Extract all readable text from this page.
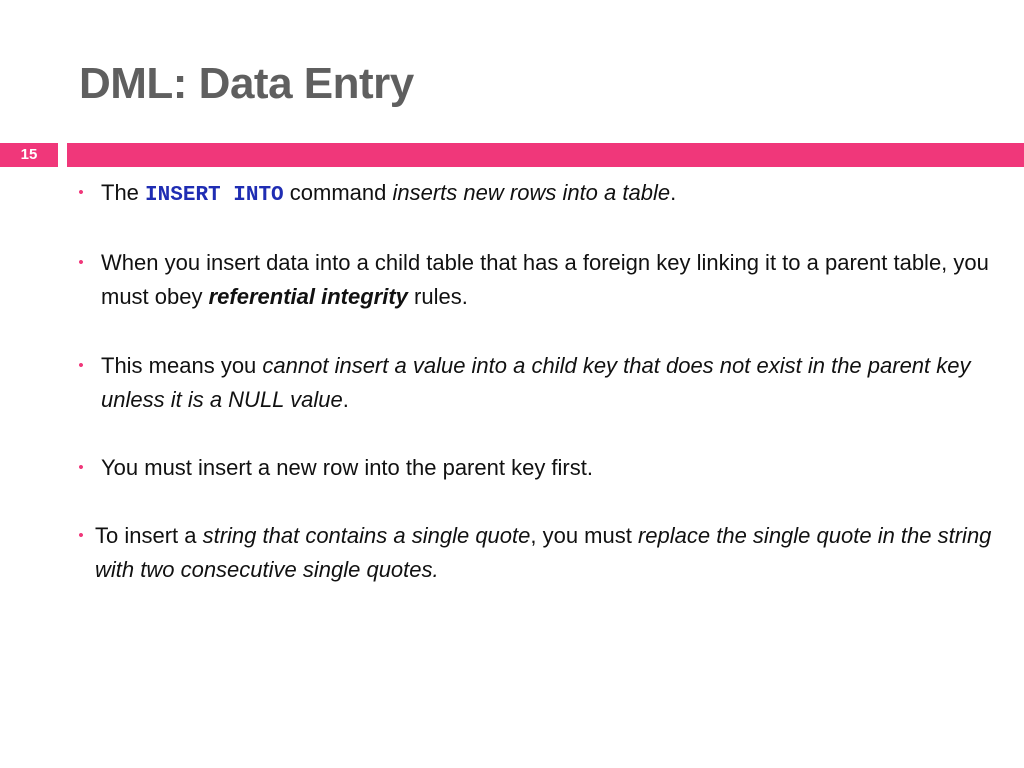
DML: Data Entry
15

• The INSERT INTO command inserts new rows into a table.

• When you insert data into a child table that has a foreign key linking it to a parent table, you must obey referential integrity rules.

• This means you cannot insert a value into a child key that does not exist in the parent key unless it is a NULL value.

• You must insert a new row into the parent key first.

• To insert a string that contains a single quote, you must replace the single quote in the string with two consecutive single quotes.
